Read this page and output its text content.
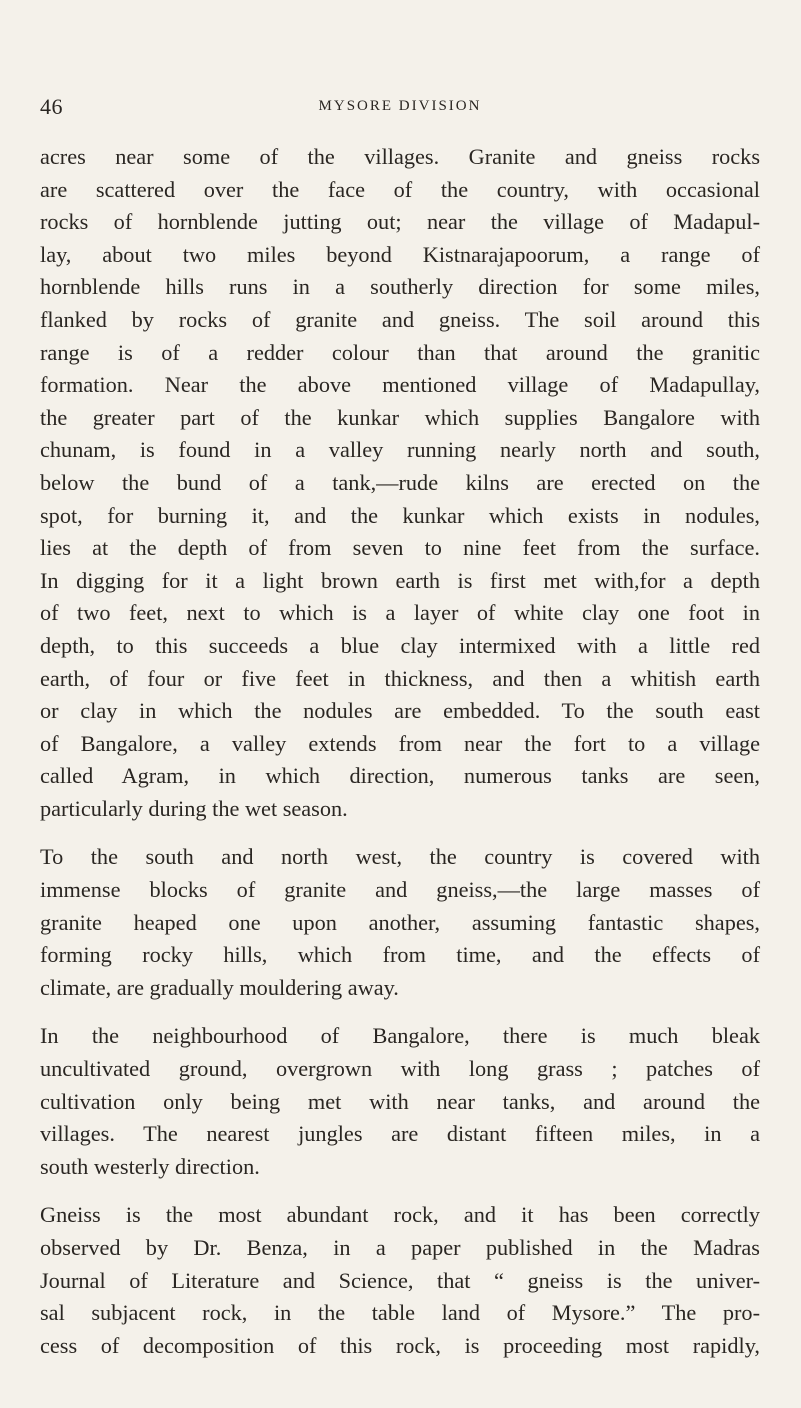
46	MYSORE DIVISION
acres near some of the villages. Granite and gneiss rocks
are scattered over the face of the country, with occasional
rocks of hornblende jutting out; near the village of Madapul-
lay, about two miles beyond Kistnarajapoorum, a range of
hornblende hills runs in a southerly direction for some miles,
flanked by rocks of granite and gneiss. The soil around this
range is of a redder colour than that around the granitic
formation. Near the above mentioned village of Madapullay,
the greater part of the kunkar which supplies Bangalore with
chunam, is found in a valley running nearly north and south,
below the bund of a tank,—rude kilns are erected on the
spot, for burning it, and the kunkar which exists in nodules,
lies at the depth of from seven to nine feet from the surface.
In digging for it a light brown earth is first met with,for a depth
of two feet, next to which is a layer of white clay one foot in
depth, to this succeeds a blue clay intermixed with a little red
earth, of four or five feet in thickness, and then a whitish earth
or clay in which the nodules are embedded. To the south east
of Bangalore, a valley extends from near the fort to a village
called Agram, in which direction, numerous tanks are seen,
particularly during the wet season.
To the south and north west, the country is covered with
immense blocks of granite and gneiss,—the large masses of
granite heaped one upon another, assuming fantastic shapes,
forming rocky hills, which from time, and the effects of
climate, are gradually mouldering away.
In the neighbourhood of Bangalore, there is much bleak
uncultivated ground, overgrown with long grass ; patches of
cultivation only being met with near tanks, and around the
villages. The nearest jungles are distant fifteen miles, in a
south westerly direction.
Gneiss is the most abundant rock, and it has been correctly
observed by Dr. Benza, in a paper published in the Madras
Journal of Literature and Science, that “ gneiss is the univer-
sal subjacent rock, in the table land of Mysore.” The pro-
cess of decomposition of this rock, is proceeding most rapidly,
